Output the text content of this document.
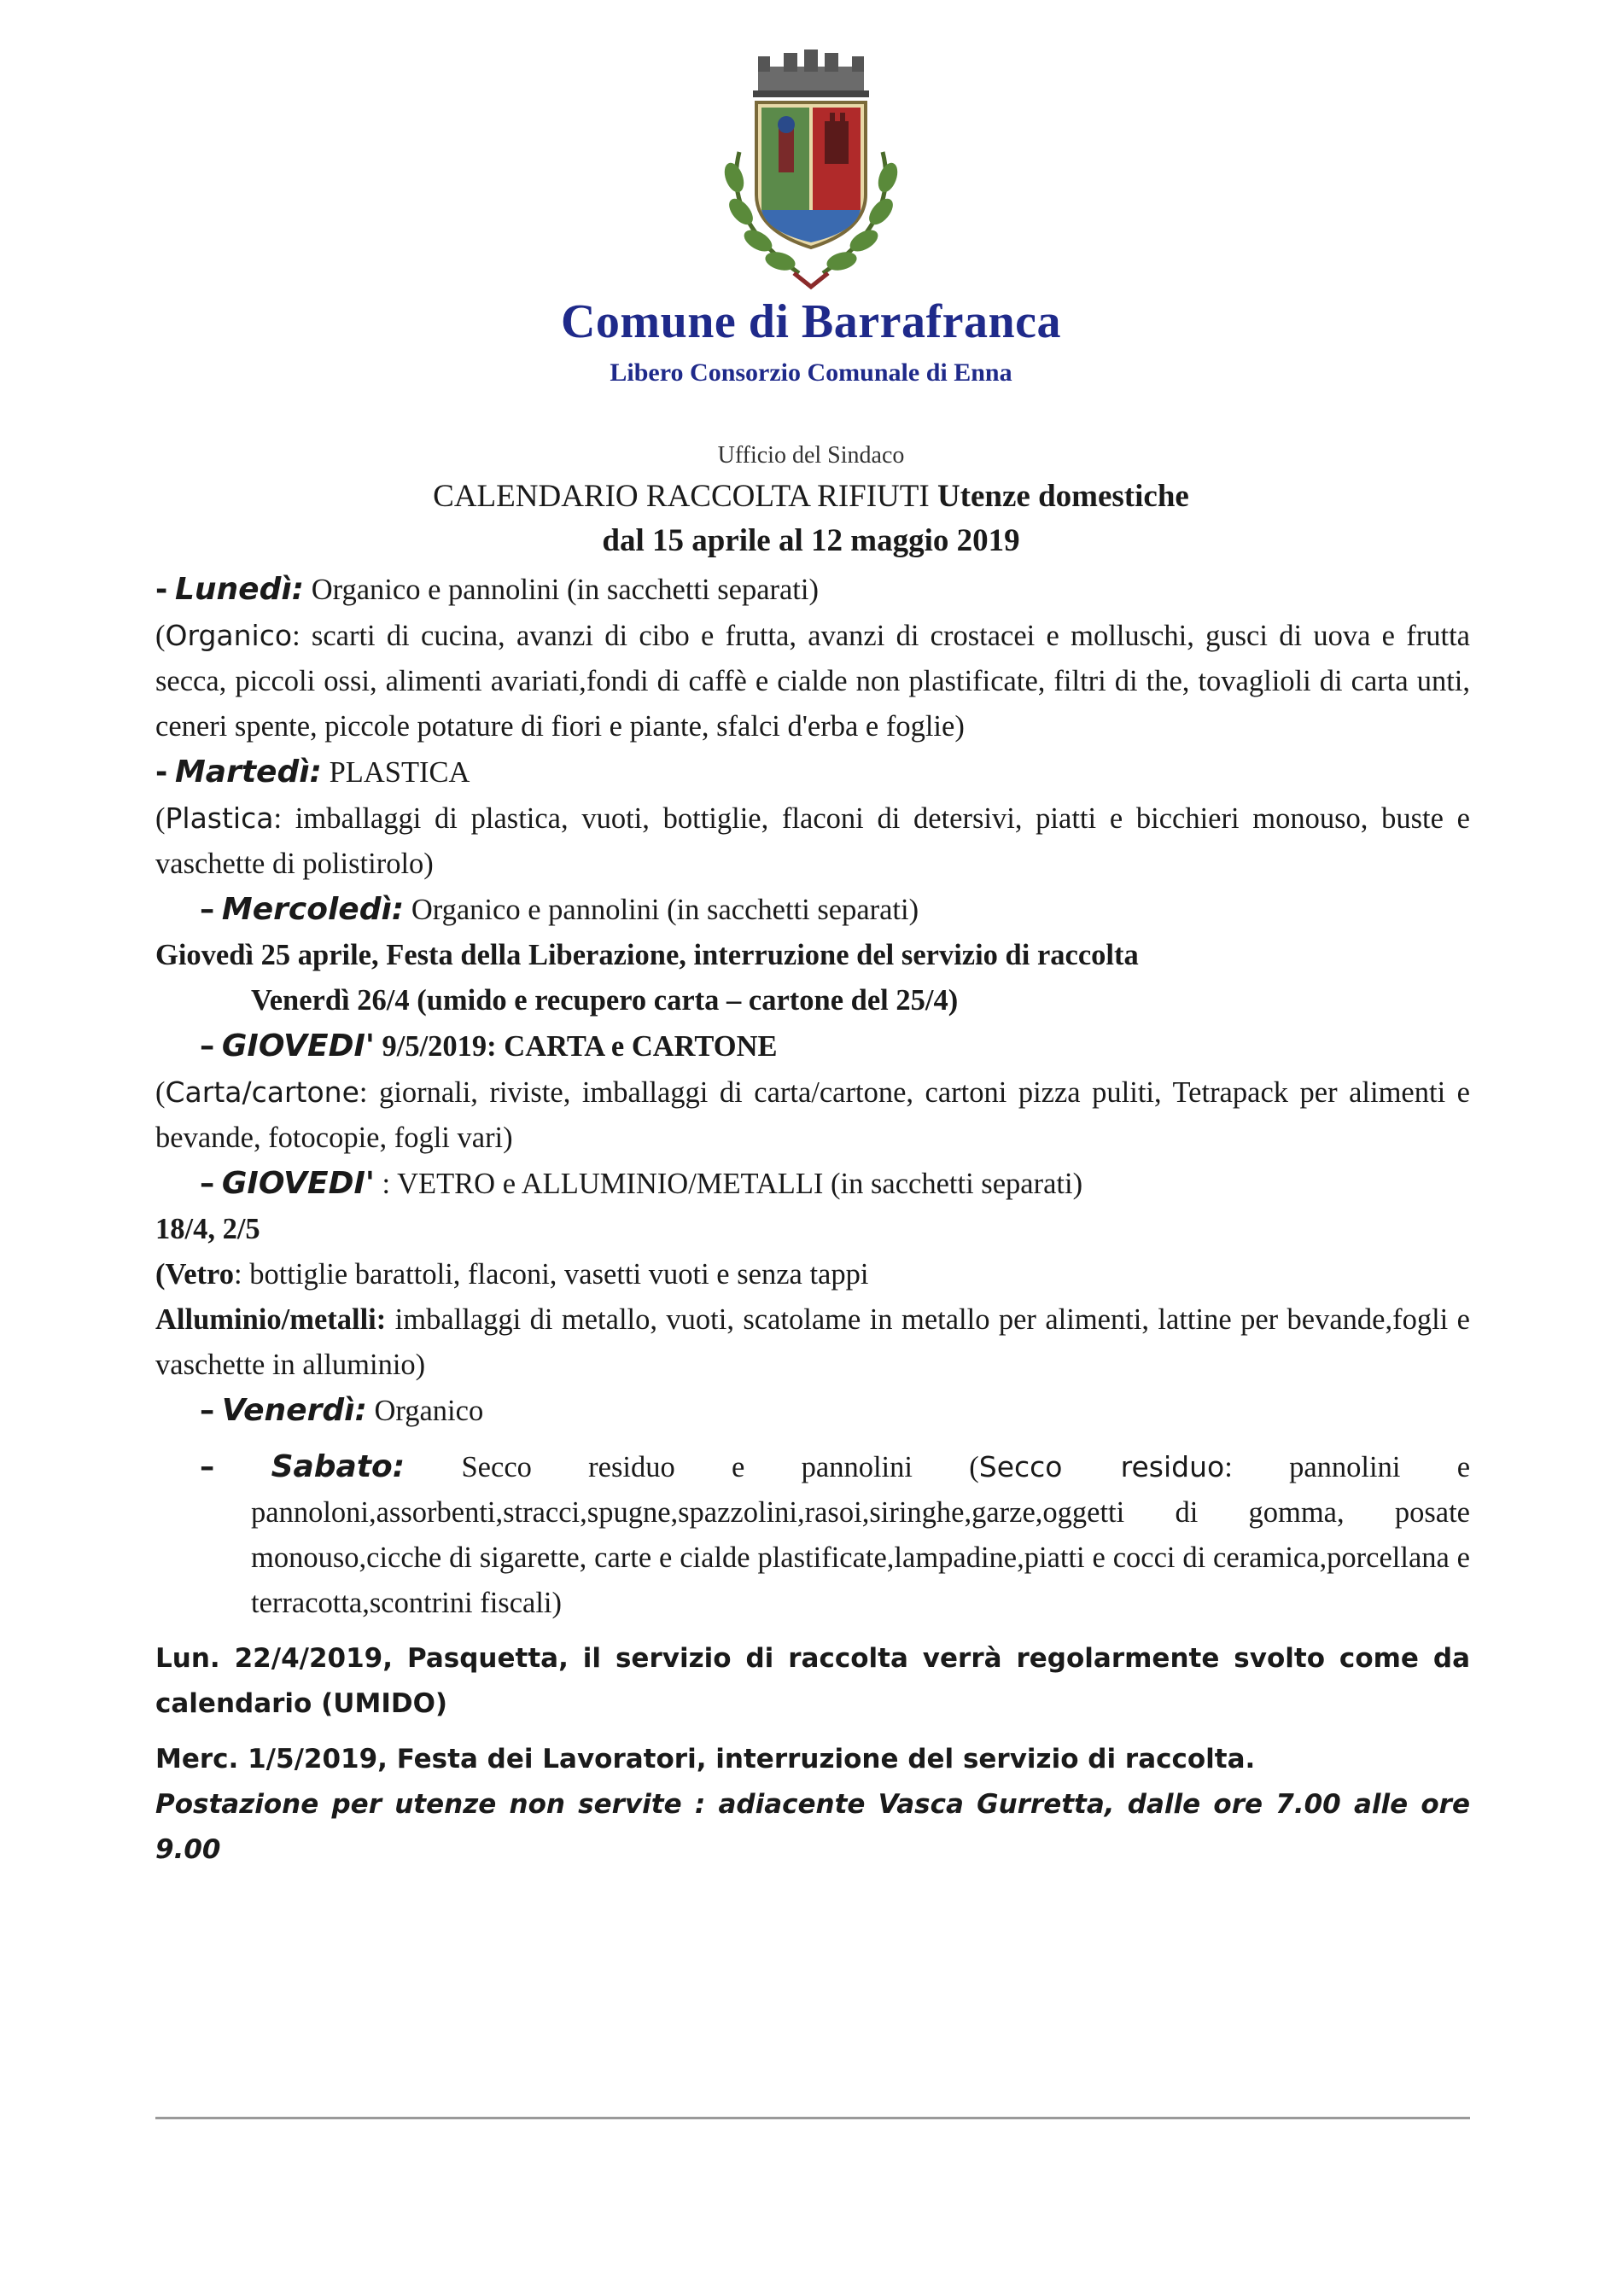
Comune di Barrafranca
Libero Consorzio Comunale di Enna
Ufficio del Sindaco
CALENDARIO RACCOLTA RIFIUTI Utenze domestiche
dal 15 aprile al 12 maggio 2019

- Lunedì: Organico e pannolini (in sacchetti separati)

(Organico: scarti di cucina, avanzi di cibo e frutta, avanzi di crostacei e molluschi, gusci di uova e frutta secca, piccoli ossi, alimenti avariati,fondi di caffè e cialde non plastificate, filtri di the, tovaglioli di carta unti, ceneri spente, piccole potature di fiori e piante, sfalci d'erba e foglie)

- Martedì: PLASTICA

(Plastica: imballaggi di plastica, vuoti, bottiglie, flaconi di detersivi, piatti e bicchieri monouso, buste e vaschette di polistirolo)

– Mercoledì: Organico e pannolini (in sacchetti separati)

Giovedì 25 aprile, Festa della Liberazione, interruzione del servizio di raccolta

Venerdì 26/4 (umido e recupero carta – cartone del 25/4)

– GIOVEDI' 9/5/2019: CARTA e CARTONE

(Carta/cartone: giornali, riviste, imballaggi di carta/cartone, cartoni pizza puliti, Tetrapack per alimenti e bevande, fotocopie, fogli vari)

– GIOVEDI' : VETRO e ALLUMINIO/METALLI (in sacchetti separati)

18/4, 2/5

(Vetro: bottiglie barattoli, flaconi, vasetti vuoti e senza tappi

Alluminio/metalli: imballaggi di metallo, vuoti, scatolame in metallo per alimenti, lattine per bevande,fogli e vaschette in alluminio)

– Venerdì: Organico

– Sabato: Secco residuo e pannolini (Secco residuo: pannolini e pannoloni,assorbenti,stracci,spugne,spazzolini,rasoi,siringhe,garze,oggetti di gomma, posate monouso,cicche di sigarette, carte e cialde plastificate,lampadine,piatti e cocci di ceramica,porcellana e terracotta,scontrini fiscali)

Lun. 22/4/2019, Pasquetta, il servizio di raccolta verrà regolarmente svolto come da calendario (UMIDO)

Merc. 1/5/2019, Festa dei Lavoratori, interruzione del servizio di raccolta.

Postazione per utenze non servite : adiacente Vasca Gurretta, dalle ore 7.00 alle ore 9.00
